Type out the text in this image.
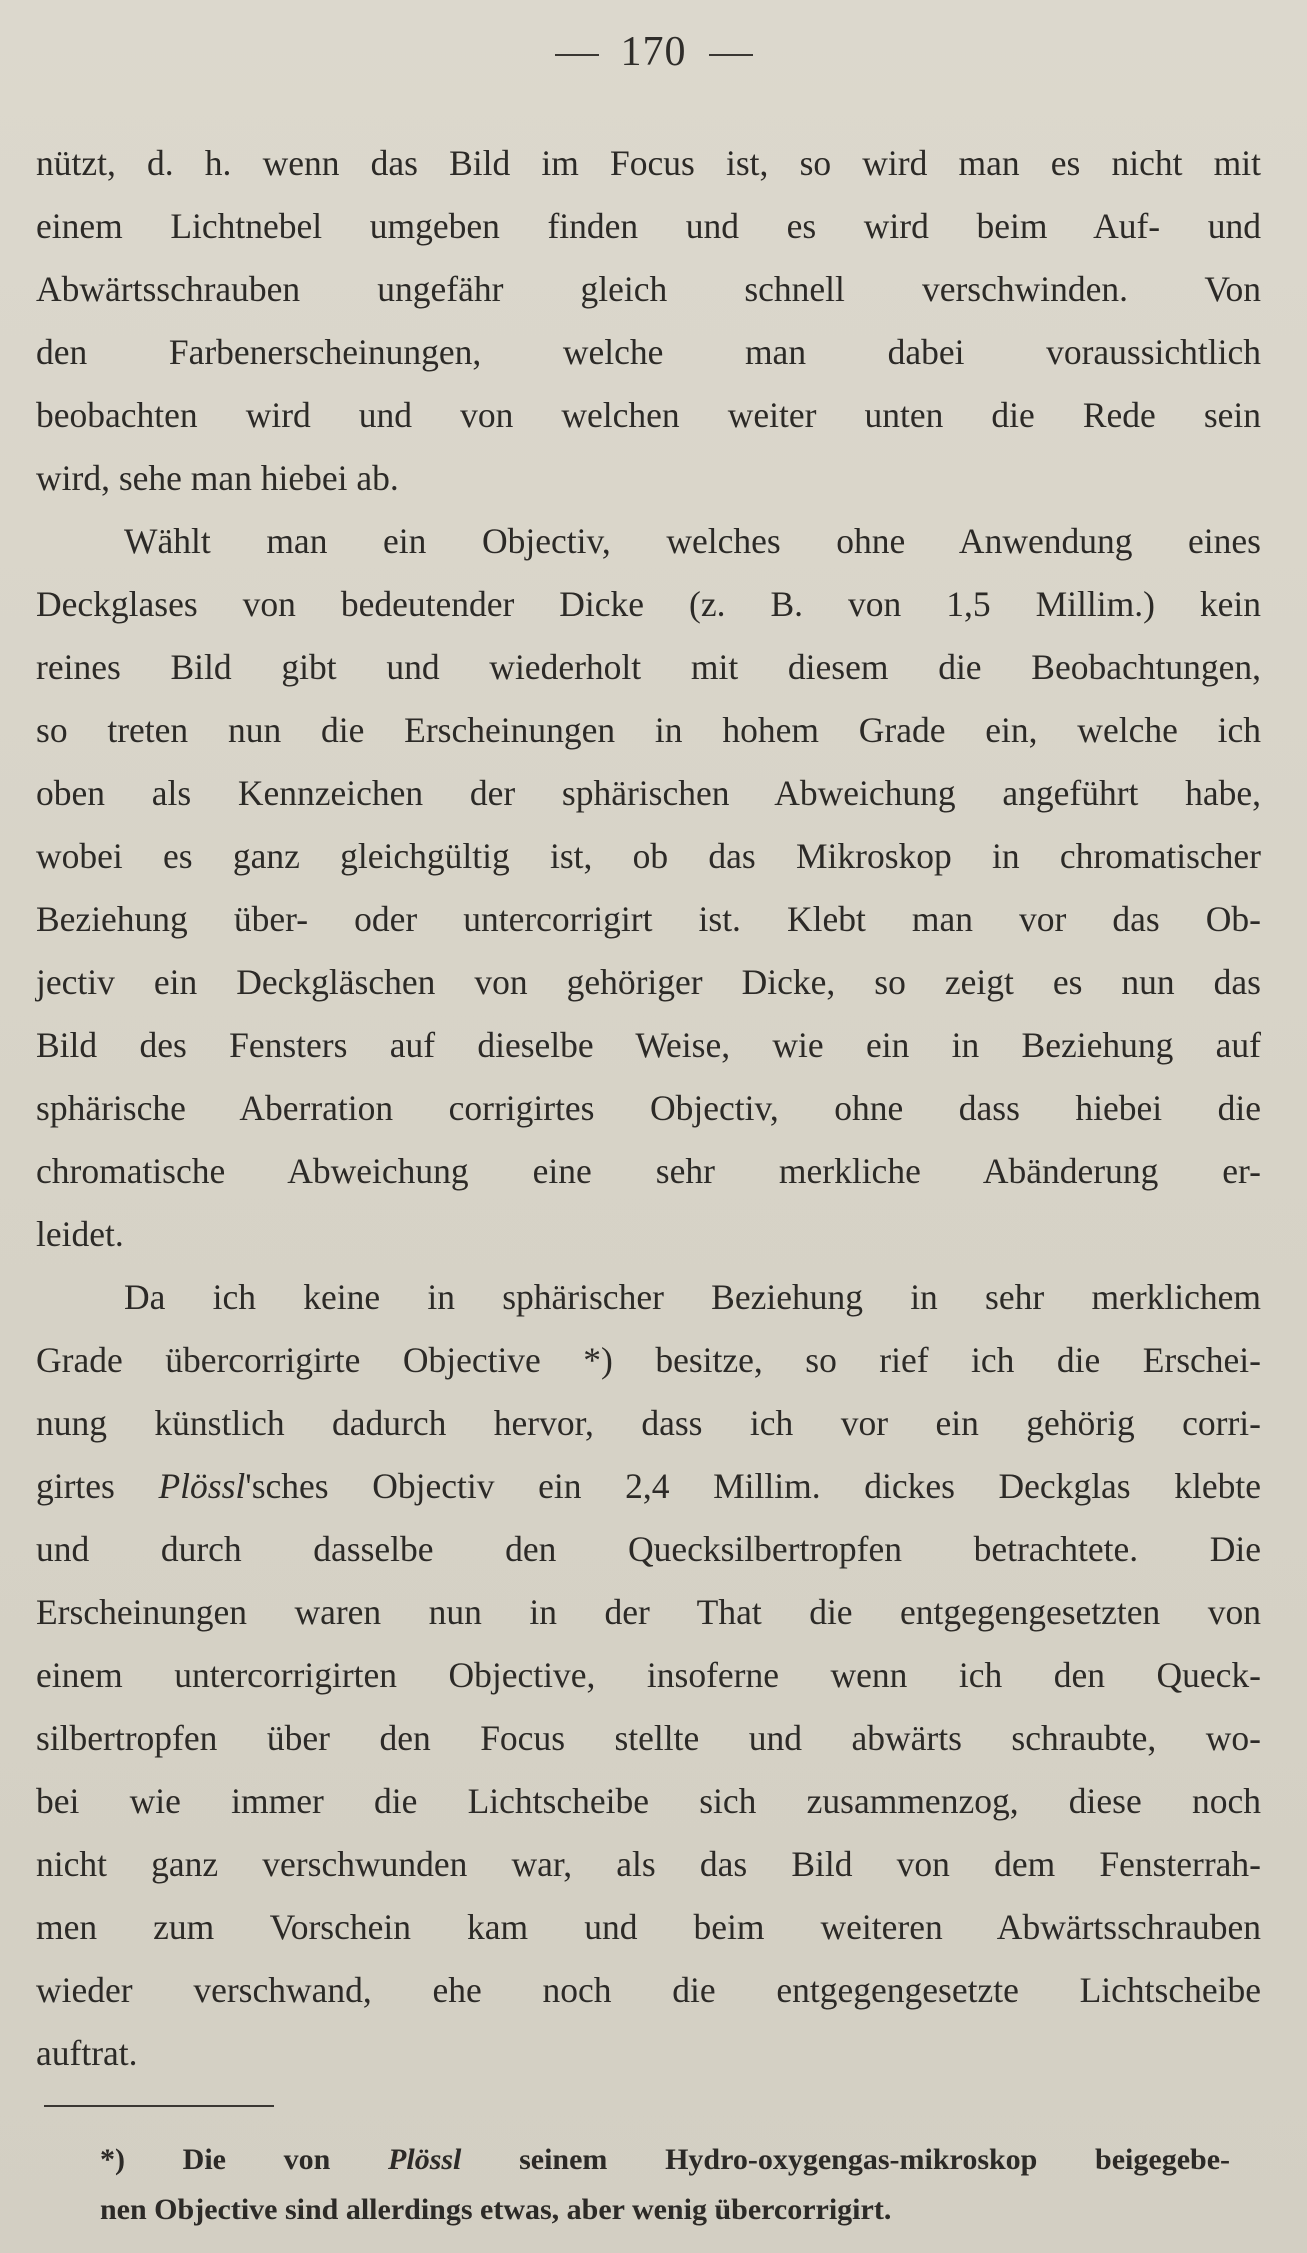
170
nützt, d. h. wenn das Bild im Focus ist, so wird man es nicht mit
einem Lichtnebel umgeben finden und es wird beim Auf- und
Abwärtsschrauben ungefähr gleich schnell verschwinden. Von
den Farbenerscheinungen, welche man dabei voraussichtlich
beobachten wird und von welchen weiter unten die Rede sein
wird, sehe man hiebei ab.
Wählt man ein Objectiv, welches ohne Anwendung eines
Deckglases von bedeutender Dicke (z. B. von 1,5 Millim.) kein
reines Bild gibt und wiederholt mit diesem die Beobachtungen,
so treten nun die Erscheinungen in hohem Grade ein, welche ich
oben als Kennzeichen der sphärischen Abweichung angeführt habe,
wobei es ganz gleichgültig ist, ob das Mikroskop in chromatischer
Beziehung über- oder untercorrigirt ist. Klebt man vor das Ob-
jectiv ein Deckgläschen von gehöriger Dicke, so zeigt es nun das
Bild des Fensters auf dieselbe Weise, wie ein in Beziehung auf
sphärische Aberration corrigirtes Objectiv, ohne dass hiebei die
chromatische Abweichung eine sehr merkliche Abänderung er-
leidet.
Da ich keine in sphärischer Beziehung in sehr merklichem
Grade übercorrigirte Objective *) besitze, so rief ich die Erschei-
nung künstlich dadurch hervor, dass ich vor ein gehörig corri-
girtes Plössl'sches Objectiv ein 2,4 Millim. dickes Deckglas klebte
und durch dasselbe den Quecksilbertropfen betrachtete. Die
Erscheinungen waren nun in der That die entgegengesetzten von
einem untercorrigirten Objective, insoferne wenn ich den Queck-
silbertropfen über den Focus stellte und abwärts schraubte, wo-
bei wie immer die Lichtscheibe sich zusammenzog, diese noch
nicht ganz verschwunden war, als das Bild von dem Fensterrah-
men zum Vorschein kam und beim weiteren Abwärtsschrauben
wieder verschwand, ehe noch die entgegengesetzte Lichtscheibe
auftrat.
*) Die von Plössl seinem Hydro-oxygengas-mikroskop beigegebe-
nen Objective sind allerdings etwas, aber wenig übercorrigirt.
